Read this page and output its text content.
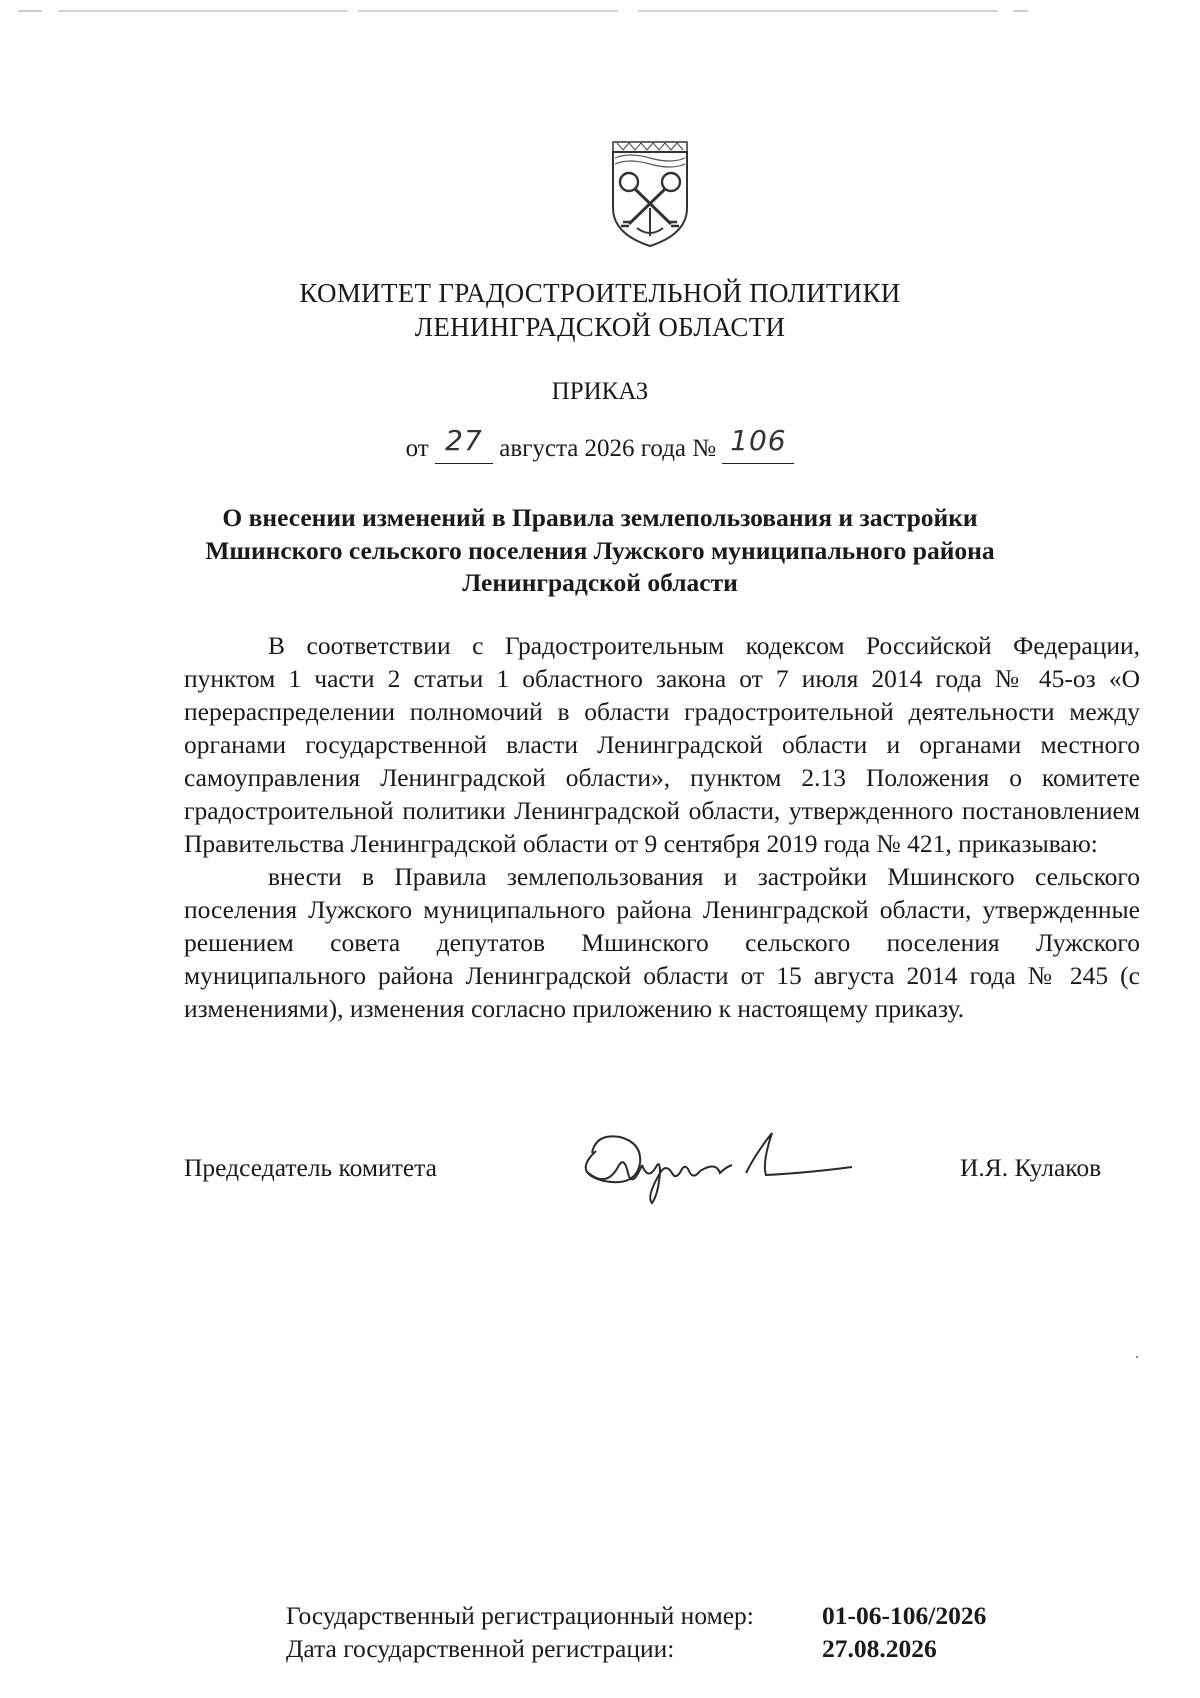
КОМИТЕТ ГРАДОСТРОИТЕЛЬНОЙ ПОЛИТИКИ
ЛЕНИНГРАДСКОЙ ОБЛАСТИ
ПРИКАЗ
от 27 августа 2026 года № 106
О внесении изменений в Правила землепользования и застройки
Мшинского сельского поселения Лужского муниципального района
Ленинградской области

В соответствии с Градостроительным кодексом Российской Федерации, пунктом 1 части 2 статьи 1 областного закона от 7 июля 2014 года № 45-оз «О перераспределении полномочий в области градостроительной деятельности между органами государственной власти Ленинградской области и органами местного самоуправления Ленинградской области», пунктом 2.13 Положения о комитете градостроительной политики Ленинградской области, утвержденного постановлением Правительства Ленинградской области от 9 сентября 2019 года № 421, приказываю:

внести в Правила землепользования и застройки Мшинского сельского поселения Лужского муниципального района Ленинградской области, утвержденные решением совета депутатов Мшинского сельского поселения Лужского муниципального района Ленинградской области от 15 августа 2014 года № 245 (с изменениями), изменения согласно приложению к настоящему приказу.

Председатель комитета	И.Я. Кулаков
Государственный регистрационный номер:	01-06-106/2026
Дата государственной регистрации:	27.08.2026
